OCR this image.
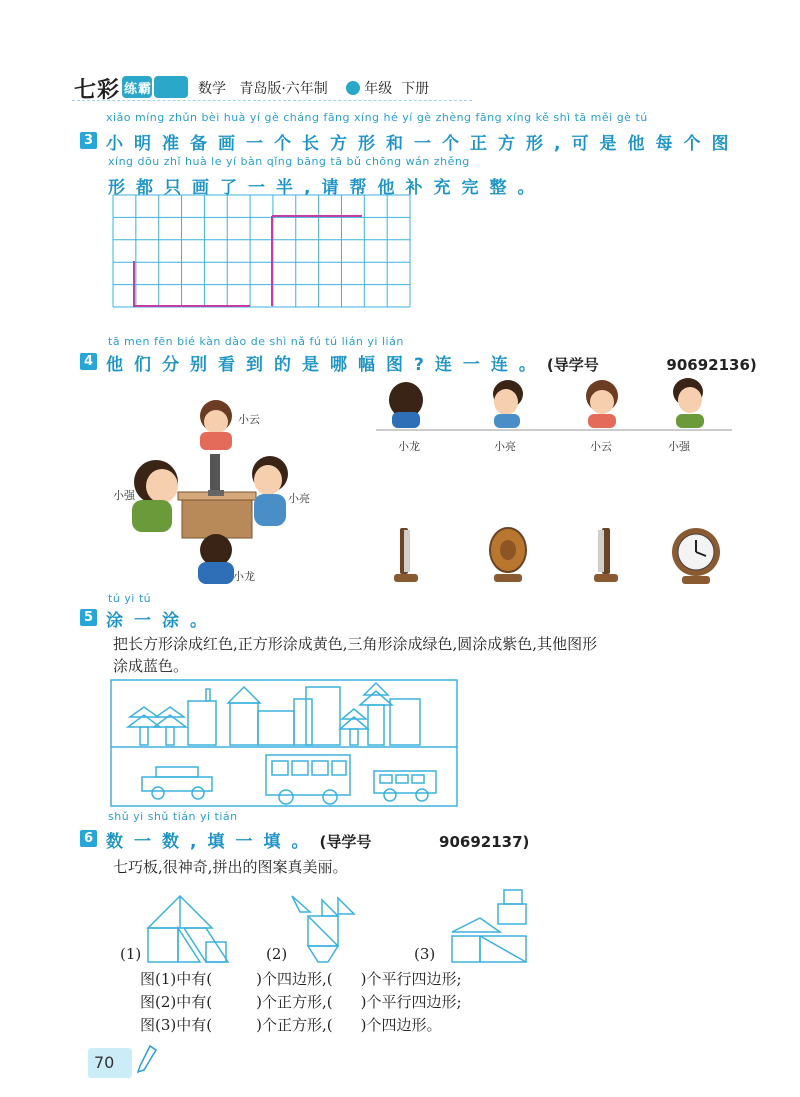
七彩 练霸	数学 青岛版·六年制	年级 下册
xiǎo míng zhǔn bèi huà yí gè cháng fāng xíng hé yí gè zhèng fāng xíng kě shì tā měi gè tú
3 小明准备画一个长方形和一个正方形,可是他每个图
xíng dōu zhǐ huà le yí bàn qǐng bāng tā bǔ chōng wán zhěng
形都只画了一半,请帮他补充完整。
tā men fēn bié kàn dào de shì nǎ fú tú lián yi lián
4 他们分别看到的是哪幅图?连一连。(导学号	90692136)
小云
小强	小亮
小龙
小龙	小亮	小云	小强
tú yi tú
5 涂一涂。
把长方形涂成红色,正方形涂成黄色,三角形涂成绿色,圆涂成紫色,其他图形
涂成蓝色。
shǔ yi shǔ tián yi tián
6 数一数,填一填。(导学号	90692137)
七巧板,很神奇,拼出的图案真美丽。
(1)	(2)	(3)
图(1)中有(	)个四边形,( )个平行四边形;
图(2)中有(	)个正方形,( )个平行四边形;
图(3)中有(	)个正方形,( )个四边形。
70
